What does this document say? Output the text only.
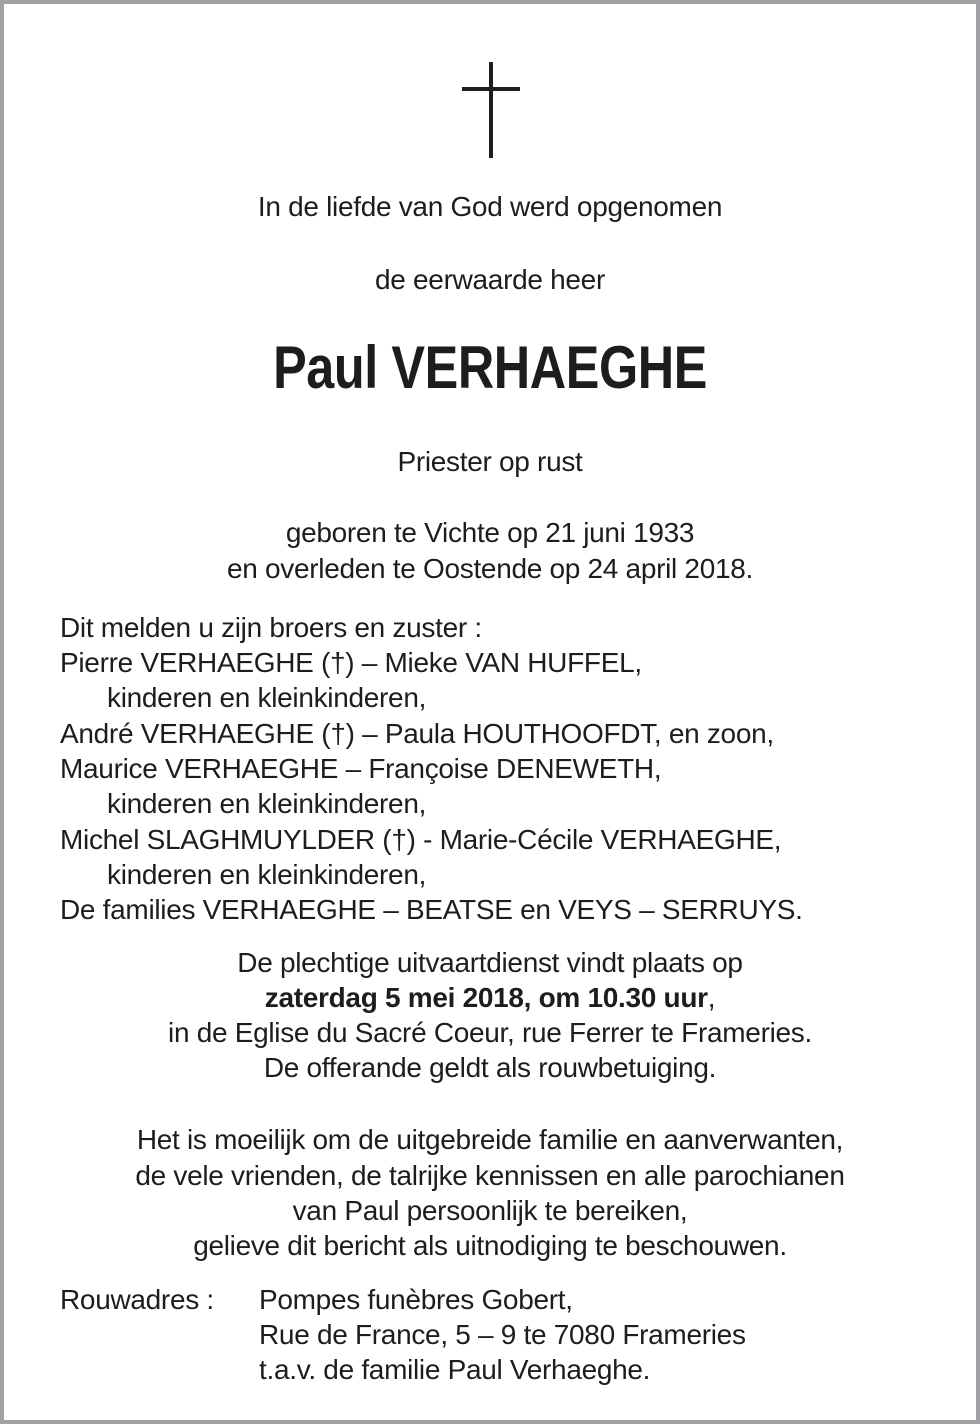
In de liefde van God werd opgenomen
de eerwaarde heer
Paul VERHAEGHE
Priester op rust
geboren te Vichte op 21 juni 1933
en overleden te Oostende op 24 april 2018.
Dit melden u zijn broers en zuster :
Pierre VERHAEGHE (†) – Mieke VAN HUFFEL,
kinderen en kleinkinderen,
André VERHAEGHE (†) – Paula HOUTHOOFDT, en zoon,
Maurice VERHAEGHE – Françoise DENEWETH,
kinderen en kleinkinderen,
Michel SLAGHMUYLDER (†) - Marie-Cécile VERHAEGHE,
kinderen en kleinkinderen,
De families VERHAEGHE – BEATSE en VEYS – SERRUYS.
De plechtige uitvaartdienst vindt plaats op
zaterdag 5 mei 2018, om 10.30 uur,
in de Eglise du Sacré Coeur, rue Ferrer te Frameries.
De offerande geldt als rouwbetuiging.
Het is moeilijk om de uitgebreide familie en aanverwanten,
de vele vrienden, de talrijke kennissen en alle parochianen
van Paul persoonlijk te bereiken,
gelieve dit bericht als uitnodiging te beschouwen.
Rouwadres : Pompes funèbres Gobert,
Rue de France, 5 – 9 te 7080 Frameries
t.a.v. de familie Paul Verhaeghe.
